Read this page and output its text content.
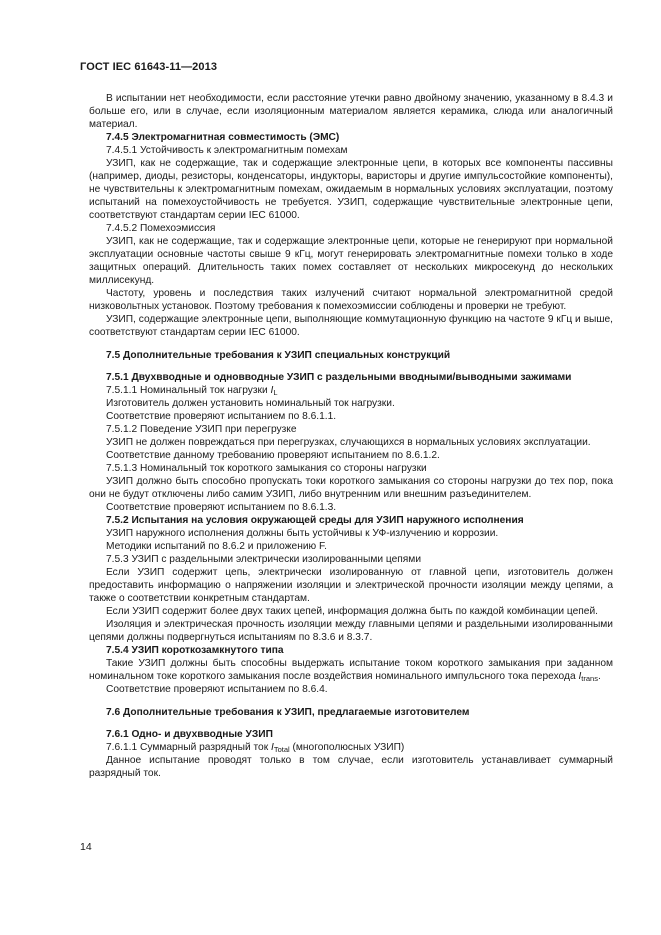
ГОСТ IEC 61643-11—2013

В испытании нет необходимости, если расстояние утечки равно двойному значению, указанному в 8.4.3 и больше его, или в случае, если изоляционным материалом является керамика, слюда или аналогичный материал.

7.4.5 Электромагнитная совместимость (ЭМС)

7.4.5.1 Устойчивость к электромагнитным помехам

УЗИП, как не содержащие, так и содержащие электронные цепи, в которых все компоненты пассивны (например, диоды, резисторы, конденсаторы, индукторы, варисторы и другие импульсостойкие компоненты), не чувствительны к электромагнитным помехам, ожидаемым в нормальных условиях эксплуатации, поэтому испытаний на помехоустойчивость не требуется. УЗИП, содержащие чувствительные электронные цепи, соответствуют стандартам серии IEC 61000.

7.4.5.2 Помехоэмиссия

УЗИП, как не содержащие, так и содержащие электронные цепи, которые не генерируют при нормальной эксплуатации основные частоты свыше 9 кГц, могут генерировать электромагнитные помехи только в ходе защитных операций. Длительность таких помех составляет от нескольких микросекунд до нескольких миллисекунд.

Частоту, уровень и последствия таких излучений считают нормальной электромагнитной средой низковольтных установок. Поэтому требования к помехоэмиссии соблюдены и проверки не требуют.

УЗИП, содержащие электронные цепи, выполняющие коммутационную функцию на частоте 9 кГц и выше, соответствуют стандартам серии IEC 61000.

7.5 Дополнительные требования к УЗИП специальных конструкций

7.5.1 Двухвводные и одновводные УЗИП с раздельными вводными/выводными зажимами

7.5.1.1 Номинальный ток нагрузки $I_L$

Изготовитель должен установить номинальный ток нагрузки.

Соответствие проверяют испытанием по 8.6.1.1.

7.5.1.2 Поведение УЗИП при перегрузке

УЗИП не должен повреждаться при перегрузках, случающихся в нормальных условиях эксплуатации.

Соответствие данному требованию проверяют испытанием по 8.6.1.2.

7.5.1.3 Номинальный ток короткого замыкания со стороны нагрузки

УЗИП должно быть способно пропускать токи короткого замыкания со стороны нагрузки до тех пор, пока они не будут отключены либо самим УЗИП, либо внутренним или внешним разъединителем.

Соответствие проверяют испытанием по 8.6.1.3.

7.5.2 Испытания на условия окружающей среды для УЗИП наружного исполнения

УЗИП наружного исполнения должны быть устойчивы к УФ-излучению и коррозии.

Методики испытаний по 8.6.2 и приложению F.

7.5.3 УЗИП с раздельными электрически изолированными цепями

Если УЗИП содержит цепь, электрически изолированную от главной цепи, изготовитель должен предоставить информацию о напряжении изоляции и электрической прочности изоляции между цепями, а также о соответствии конкретным стандартам.

Если УЗИП содержит более двух таких цепей, информация должна быть по каждой комбинации цепей.

Изоляция и электрическая прочность изоляции между главными цепями и раздельными изолированными цепями должны подвергнуться испытаниям по 8.3.6 и 8.3.7.

7.5.4 УЗИП короткозамкнутого типа

Такие УЗИП должны быть способны выдержать испытание током короткого замыкания при заданном номинальном токе короткого замыкания после воздействия номинального импульсного тока перехода $I_{trans}$.

Соответствие проверяют испытанием по 8.6.4.

7.6 Дополнительные требования к УЗИП, предлагаемые изготовителем

7.6.1 Одно- и двухвводные УЗИП

7.6.1.1 Суммарный разрядный ток $I_{Total}$ (многополюсных УЗИП)

Данное испытание проводят только в том случае, если изготовитель устанавливает суммарный разрядный ток.

14
